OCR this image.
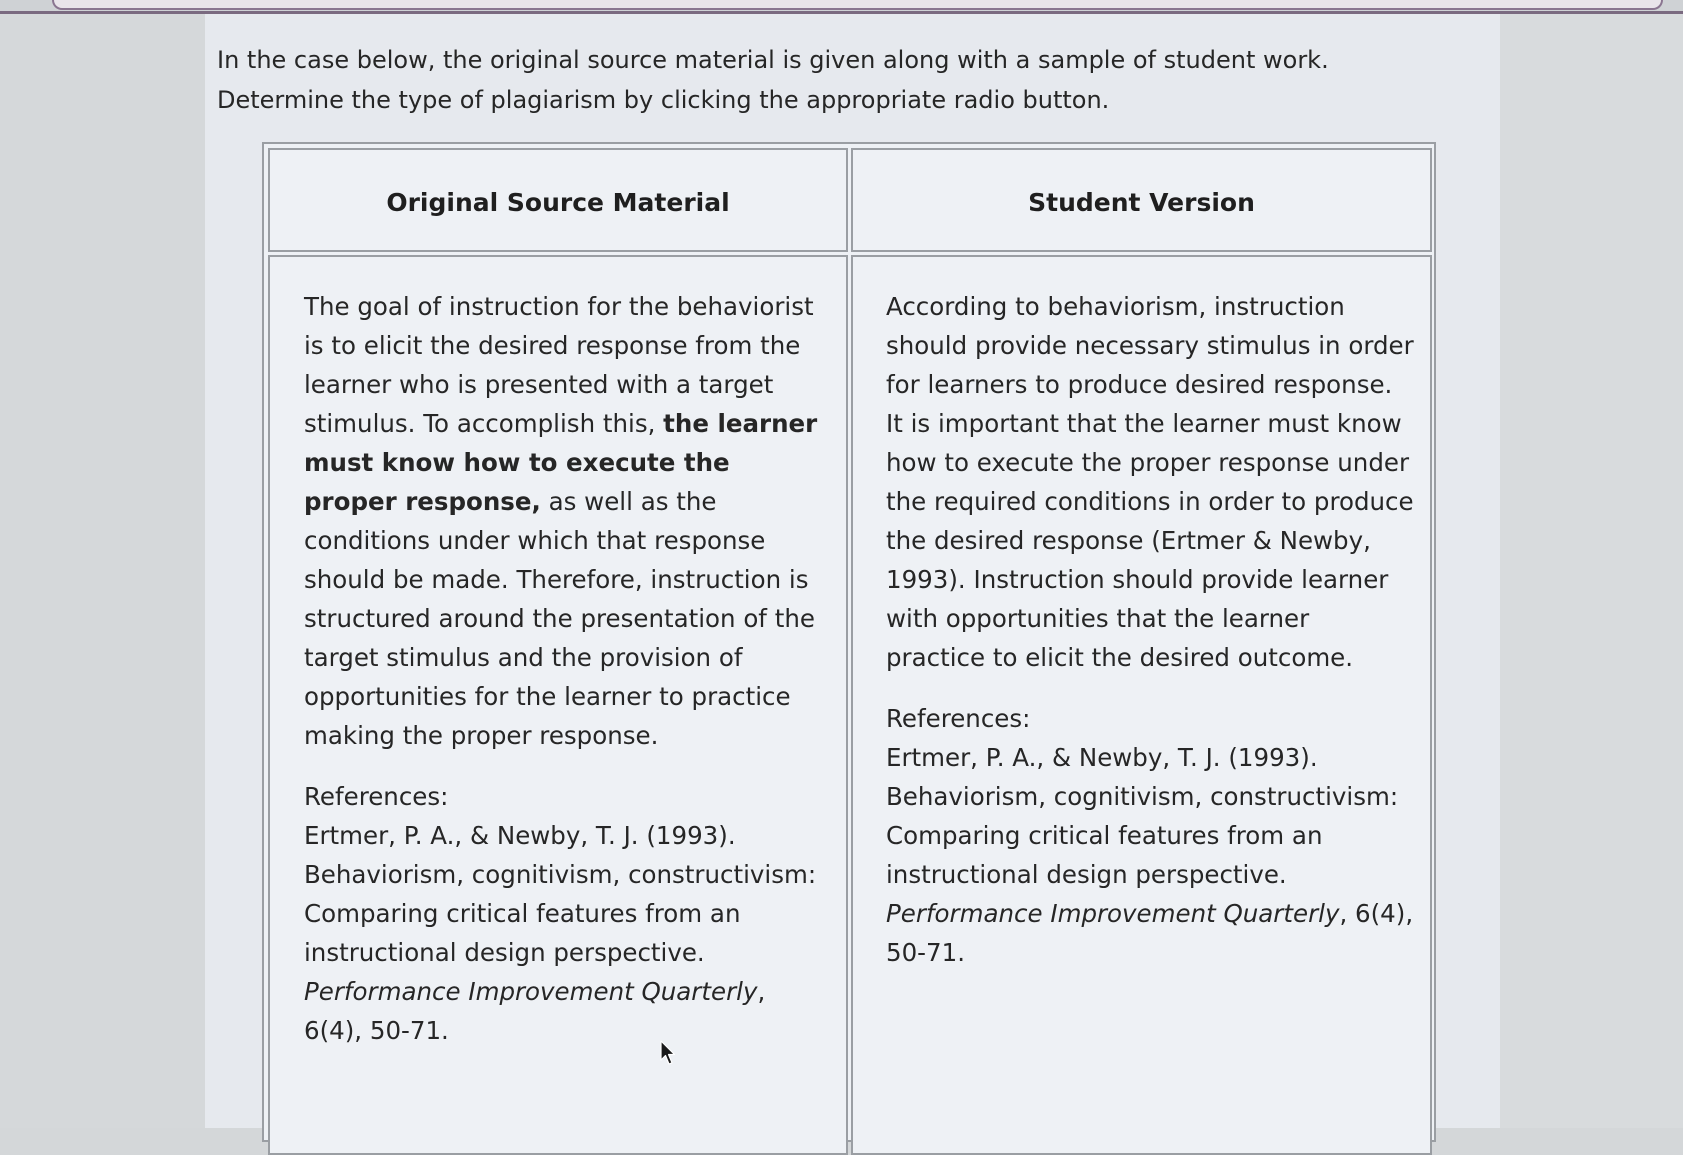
In the case below, the original source material is given along with a sample of student work.
Determine the type of plagiarism by clicking the appropriate radio button.

Original Source Material	Student Version

The goal of instruction for the behaviorist is to elicit the desired response from the learner who is presented with a target stimulus. To accomplish this, the learner must know how to execute the proper response, as well as the conditions under which that response should be made. Therefore, instruction is structured around the presentation of the target stimulus and the provision of opportunities for the learner to practice making the proper response.

References:
Ertmer, P. A., & Newby, T. J. (1993). Behaviorism, cognitivism, constructivism: Comparing critical features from an instructional design perspective. Performance Improvement Quarterly, 6(4), 50-71.

According to behaviorism, instruction should provide necessary stimulus in order for learners to produce desired response. It is important that the learner must know how to execute the proper response under the required conditions in order to produce the desired response (Ertmer & Newby, 1993). Instruction should provide learner with opportunities that the learner practice to elicit the desired outcome.

References:
Ertmer, P. A., & Newby, T. J. (1993). Behaviorism, cognitivism, constructivism: Comparing critical features from an instructional design perspective. Performance Improvement Quarterly, 6(4), 50-71.
